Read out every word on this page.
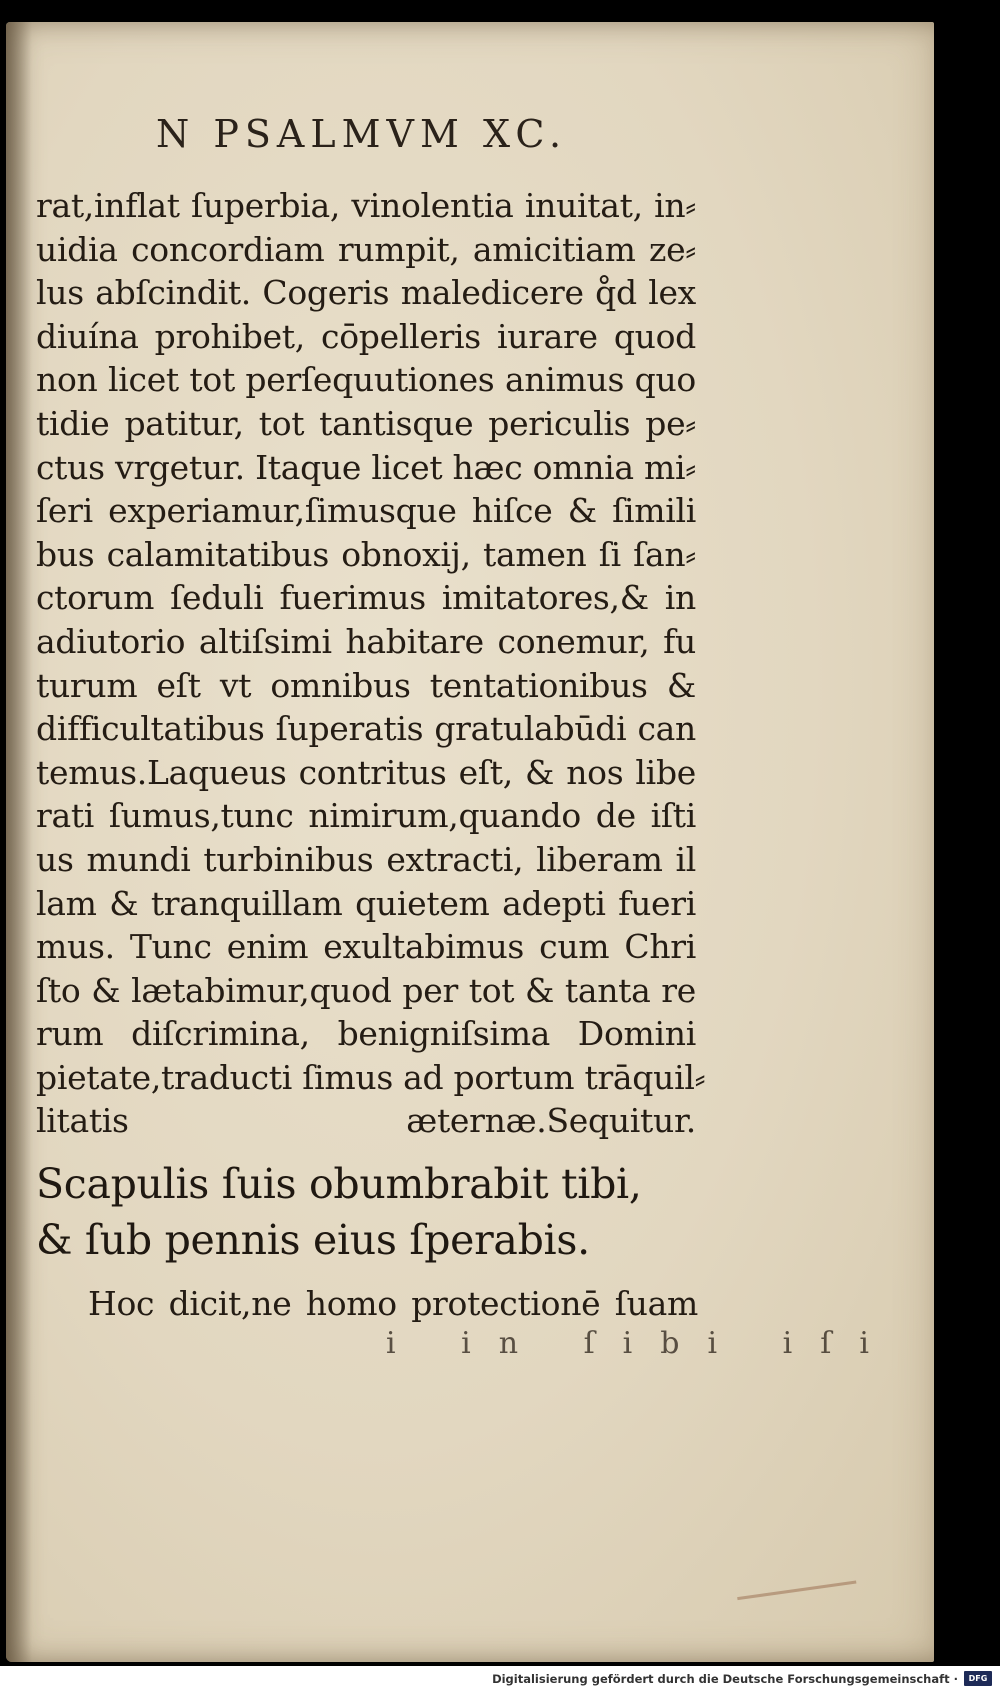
N PSALMVM XC.
rat,inflat ſuperbia, vinolentia inuitat, in⸗
uidia concordiam rumpit, amicitiam ze⸗
lus abſcindit. Cogeris maledicere q̊d lex
diuína prohibet, cōpelleris iurare quod
non licet tot perſequutiones animus quo
tidie patitur, tot tantisque periculis pe⸗
ctus vrgetur. Itaque licet hæc omnia mi⸗
ſeri experiamur,ſimusque hiſce & ſimili
bus calamitatibus obnoxij, tamen ſi ſan⸗
ctorum ſeduli fuerimus imitatores,& in
adiutorio altiſsimi habitare conemur, fu
turum eſt vt omnibus tentationibus &
difficultatibus ſuperatis gratulabūdi can
temus.Laqueus contritus eſt, & nos libe
rati ſumus,tunc nimirum,quando de iſti
us mundi turbinibus extracti, liberam il
lam & tranquillam quietem adepti fueri
mus. Tunc enim exultabimus cum Chri
ſto & lætabimur,quod per tot & tanta re
rum diſcrimina, benigniſsima Domini
pietate,traducti ſimus ad portum trāquil⸗
litatis æternæ.Sequitur.
Scapulis ſuis obumbrabit tibi,
& ſub pennis eius ſperabis.
Hoc dicit,ne homo protectionē ſuam
i in ſibi iſi
Digitalisierung gefördert durch die Deutsche Forschungsgemeinschaft ·	DFG
